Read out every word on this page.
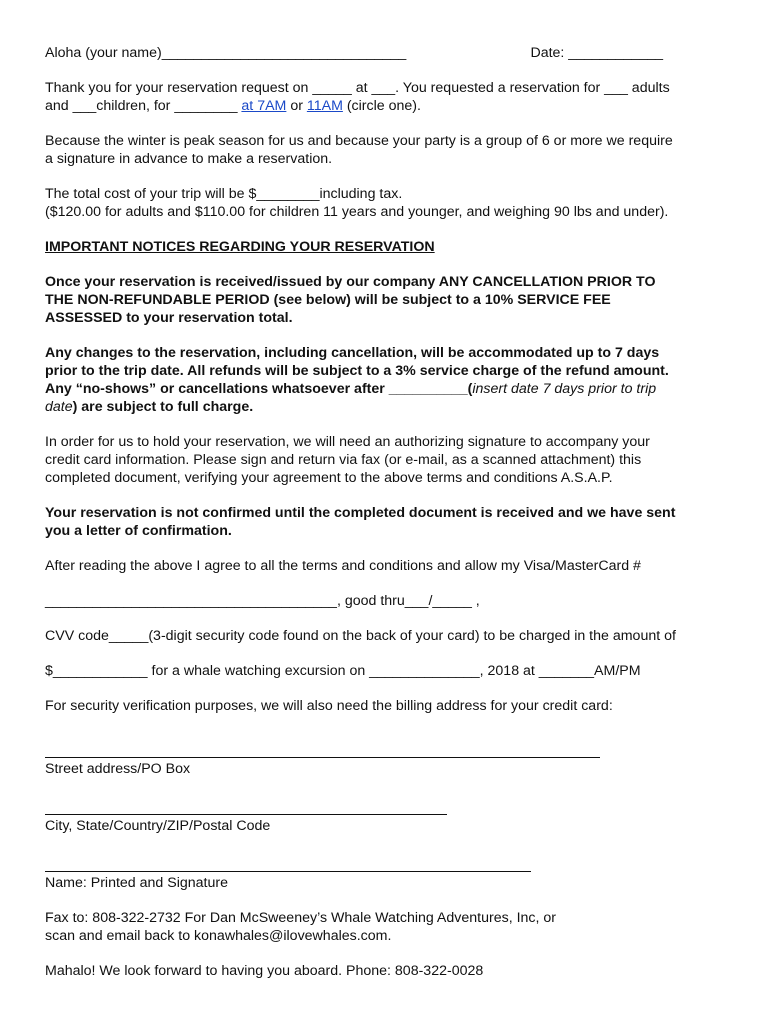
Aloha (your name)_______________________________	Date: ____________

Thank you for your reservation request on _____ at ___. You requested a reservation for ___ adults
and ___children, for ________ at 7AM or 11AM (circle one).

Because the winter is peak season for us and because your party is a group of 6 or more we require
a signature in advance to make a reservation.

The total cost of your trip will be $________including tax.
($120.00 for adults and $110.00 for children 11 years and younger, and weighing 90 lbs and under).

IMPORTANT NOTICES REGARDING YOUR RESERVATION

Once your reservation is received/issued by our company ANY CANCELLATION PRIOR TO
THE NON-REFUNDABLE PERIOD (see below) will be subject to a 10% SERVICE FEE
ASSESSED to your reservation total.

Any changes to the reservation, including cancellation, will be accommodated up to 7 days
prior to the trip date. All refunds will be subject to a 3% service charge of the refund amount.
Any “no-shows” or cancellations whatsoever after __________(insert date 7 days prior to trip
date) are subject to full charge.

In order for us to hold your reservation, we will need an authorizing signature to accompany your
credit card information. Please sign and return via fax (or e-mail, as a scanned attachment) this
completed document, verifying your agreement to the above terms and conditions A.S.A.P.

Your reservation is not confirmed until the completed document is received and we have sent
you a letter of confirmation.

After reading the above I agree to all the terms and conditions and allow my Visa/MasterCard #

_____________________________________, good thru___/_____ ,

CVV code_____(3-digit security code found on the back of your card) to be charged in the amount of

$____________ for a whale watching excursion on ______________, 2018 at _______AM/PM

For security verification purposes, we will also need the billing address for your credit card:

Street address/PO Box

City, State/Country/ZIP/Postal Code

Name: Printed and Signature

Fax to: 808-322-2732 For Dan McSweeney’s Whale Watching Adventures, Inc, or
scan and email back to konawhales@ilovewhales.com.

Mahalo! We look forward to having you aboard. Phone: 808-322-0028
